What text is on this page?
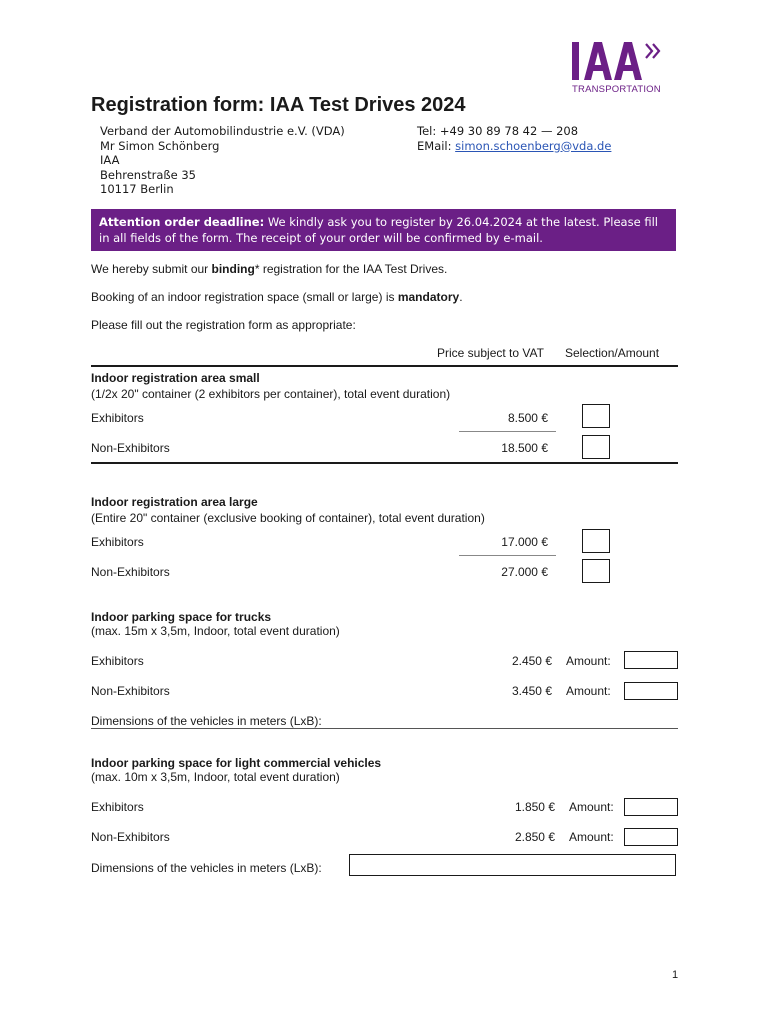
TRANSPORTATION
Registration form: IAA Test Drives 2024
Verband der Automobilindustrie e.V. (VDA)
Mr Simon Schönberg
IAA
Behrenstraße 35
10117 Berlin
Tel: +49 30 89 78 42 — 208
EMail: simon.schoenberg@vda.de
Attention order deadline: We kindly ask you to register by 26.04.2024 at the latest. Please fill in all fields of the form. The receipt of your order will be confirmed by e-mail.
We hereby submit our binding* registration for the IAA Test Drives.
Booking of an indoor registration space (small or large) is mandatory.
Please fill out the registration form as appropriate:
Price subject to VAT Selection/Amount
Indoor registration area small
(1/2x 20" container (2 exhibitors per container), total event duration)
Exhibitors	8.500 €
Non-Exhibitors	18.500 €
Indoor registration area large
(Entire 20" container (exclusive booking of container), total event duration)
Exhibitors	17.000 €
Non-Exhibitors	27.000 €
Indoor parking space for trucks
(max. 15m x 3,5m, Indoor, total event duration)
Exhibitors	2.450 € Amount:
Non-Exhibitors	3.450 € Amount:
Dimensions of the vehicles in meters (LxB):
Indoor parking space for light commercial vehicles
(max. 10m x 3,5m, Indoor, total event duration)
Exhibitors	1.850 € Amount:
Non-Exhibitors	2.850 € Amount:
Dimensions of the vehicles in meters (LxB):
1
